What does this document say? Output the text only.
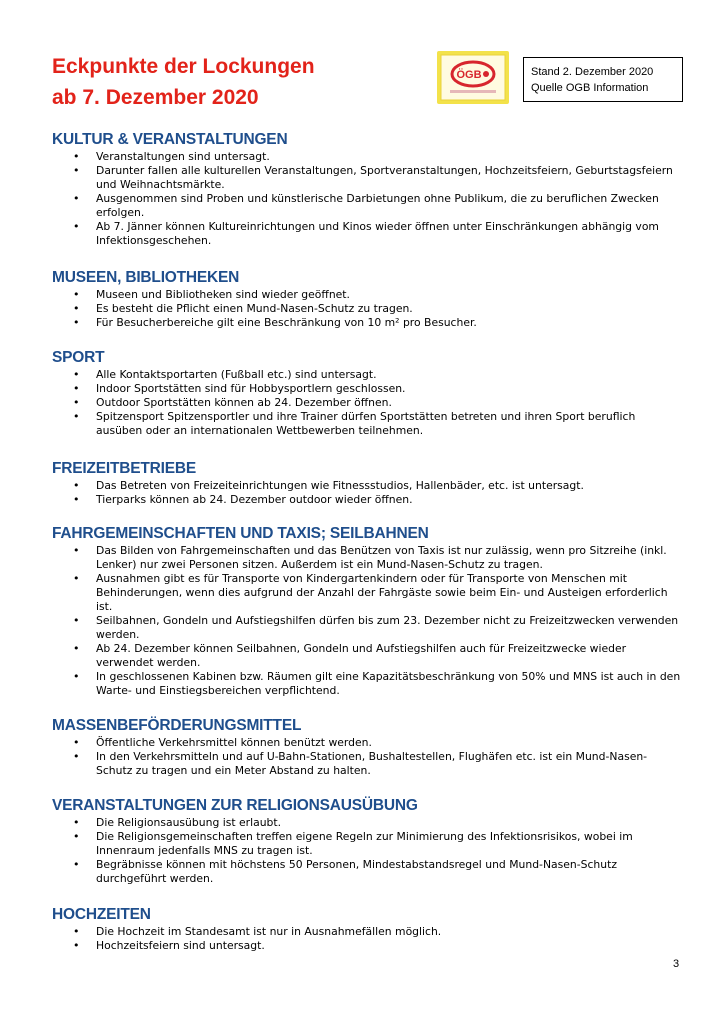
Eckpunkte der Lockungen
ab 7. Dezember 2020
ÖGB	Stand 2. Dezember 2020
Quelle OGB Information
KULTUR & VERANSTALTUNGEN
• Veranstaltungen sind untersagt.
• Darunter fallen alle kulturellen Veranstaltungen, Sportveranstaltungen, Hochzeitsfeiern, Geburtstagsfeiern und Weihnachtsmärkte.
• Ausgenommen sind Proben und künstlerische Darbietungen ohne Publikum, die zu beruflichen Zwecken erfolgen.
• Ab 7. Jänner können Kultureinrichtungen und Kinos wieder öffnen unter Einschränkungen abhängig vom Infektionsgeschehen.
MUSEEN, BIBLIOTHEKEN
• Museen und Bibliotheken sind wieder geöffnet.
• Es besteht die Pflicht einen Mund-Nasen-Schutz zu tragen.
• Für Besucherbereiche gilt eine Beschränkung von 10 m² pro Besucher.
SPORT
• Alle Kontaktsportarten (Fußball etc.) sind untersagt.
• Indoor Sportstätten sind für Hobbysportlern geschlossen.
• Outdoor Sportstätten können ab 24. Dezember öffnen.
• Spitzensport Spitzensportler und ihre Trainer dürfen Sportstätten betreten und ihren Sport beruflich ausüben oder an internationalen Wettbewerben teilnehmen.
FREIZEITBETRIEBE
• Das Betreten von Freizeiteinrichtungen wie Fitnessstudios, Hallenbäder, etc. ist untersagt.
• Tierparks können ab 24. Dezember outdoor wieder öffnen.
FAHRGEMEINSCHAFTEN UND TAXIS; SEILBAHNEN
• Das Bilden von Fahrgemeinschaften und das Benützen von Taxis ist nur zulässig, wenn pro Sitzreihe (inkl. Lenker) nur zwei Personen sitzen. Außerdem ist ein Mund-Nasen-Schutz zu tragen.
• Ausnahmen gibt es für Transporte von Kindergartenkindern oder für Transporte von Menschen mit Behinderungen, wenn dies aufgrund der Anzahl der Fahrgäste sowie beim Ein- und Austeigen erforderlich ist.
• Seilbahnen, Gondeln und Aufstiegshilfen dürfen bis zum 23. Dezember nicht zu Freizeitzwecken verwenden werden.
• Ab 24. Dezember können Seilbahnen, Gondeln und Aufstiegshilfen auch für Freizeitzwecke wieder verwendet werden.
• In geschlossenen Kabinen bzw. Räumen gilt eine Kapazitätsbeschränkung von 50% und MNS ist auch in den Warte- und Einstiegsbereichen verpflichtend.
MASSENBEFÖRDERUNGSMITTEL
• Öffentliche Verkehrsmittel können benützt werden.
• In den Verkehrsmitteln und auf U-Bahn-Stationen, Bushaltestellen, Flughäfen etc. ist ein Mund-Nasen-Schutz zu tragen und ein Meter Abstand zu halten.
VERANSTALTUNGEN ZUR RELIGIONSAUSÜBUNG
• Die Religionsausübung ist erlaubt.
• Die Religionsgemeinschaften treffen eigene Regeln zur Minimierung des Infektionsrisikos, wobei im Innenraum jedenfalls MNS zu tragen ist.
• Begräbnisse können mit höchstens 50 Personen, Mindestabstandsregel und Mund-Nasen-Schutz durchgeführt werden.
HOCHZEITEN
• Die Hochzeit im Standesamt ist nur in Ausnahmefällen möglich.
• Hochzeitsfeiern sind untersagt.
3
